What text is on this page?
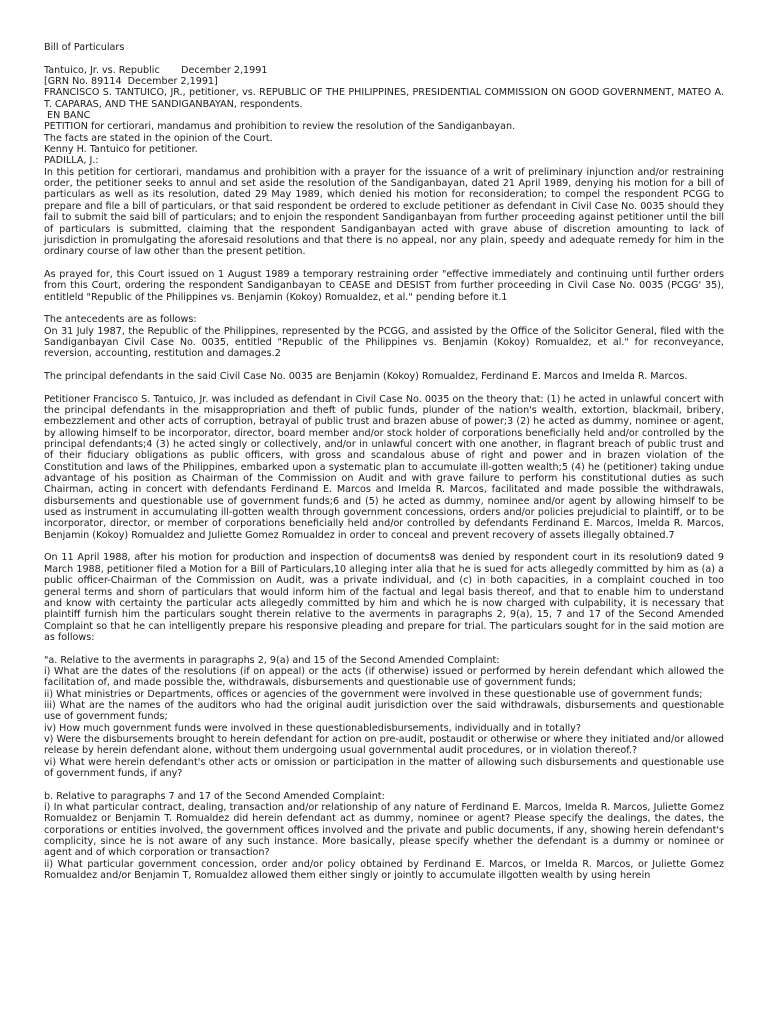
Bill of Particulars
Tantuico, Jr. vs. Republic       December 2,1991
[GRN No. 89114  December 2,1991]

FRANCISCO S. TANTUICO, JR., petitioner, vs. REPUBLIC OF THE PHILIPPINES, PRESIDENTIAL COMMISSION ON GOOD GOVERNMENT, MATEO A. T. CAPARAS, AND THE SANDIGANBAYAN, respondents.

EN BANC
PETITION for certiorari, mandamus and prohibition to review the resolution of the Sandiganbayan.
The facts are stated in the opinion of the Court.
Kenny H. Tantuico for petitioner.
PADILLA, J.:

In this petition for certiorari, mandamus and prohibition with a prayer for the issuance of a writ of preliminary injunction and/or restraining order, the petitioner seeks to annul and set aside the resolution of the Sandiganbayan, dated 21 April 1989, denying his motion for a bill of particulars as well as its resolution, dated 29 May 1989, which denied his motion for reconsideration; to compel the respondent PCGG to prepare and file a bill of particulars, or that said respondent be ordered to exclude petitioner as defendant in Civil Case No. 0035 should they fail to submit the said bill of particulars; and to enjoin the respondent Sandiganbayan from further proceeding against petitioner until the bill of particulars is submitted, claiming that the respondent Sandiganbayan acted with grave abuse of discretion amounting to lack of jurisdiction in promulgating the aforesaid resolutions and that there is no appeal, nor any plain, speedy and adequate remedy for him in the ordinary course of law other than the present petition.

As prayed for, this Court issued on 1 August 1989 a temporary restraining order "effective immediately and continuing until further orders from this Court, ordering the respondent Sandiganbayan to CEASE and DESIST from further proceeding in Civil Case No. 0035 (PCGG' 35), entitleld "Republic of the Philippines vs. Benjamin (Kokoy) Romualdez, et al." pending before it.1

The antecedents are as follows:

On 31 July 1987, the Republic of the Philippines, represented by the PCGG, and assisted by the Office of the Solicitor General, filed with the Sandiganbayan Civil Case No. 0035, entitled "Republic of the Philippines vs. Benjamin (Kokoy) Romualdez, et al." for reconveyance, reversion, accounting, restitution and damages.2

The principal defendants in the said Civil Case No. 0035 are Benjamin (Kokoy) Romualdez, Ferdinand E. Marcos and Imelda R. Marcos.

Petitioner Francisco S. Tantuico, Jr. was included as defendant in Civil Case No. 0035 on the theory that: (1) he acted in unlawful concert with the principal defendants in the misappropriation and theft of public funds, plunder of the nation's wealth, extortion, blackmail, bribery, embezzlement and other acts of corruption, betrayal of public trust and brazen abuse of power;3 (2) he acted as dummy, nominee or agent, by allowing himself to be incorporator, director, board member and/or stock holder of corporations beneficially held and/or controlled by the principal defendants;4 (3) he acted singly or collectively, and/or in unlawful concert with one another, in flagrant breach of public trust and of their fiduciary obligations as public officers, with gross and scandalous abuse of right and power and in brazen violation of the Constitution and laws of the Philippines, embarked upon a systematic plan to accumulate ill-gotten wealth;5 (4) he (petitioner) taking undue advantage of his position as Chairman of the Commission on Audit and with grave failure to perform his constitutional duties as such Chairman, acting in concert with defendants Ferdinand E. Marcos and Imelda R. Marcos, facilitated and made possible the withdrawals, disbursements and questionable use of government funds;6 and (5) he acted as dummy, nominee and/or agent by allowing himself to be used as instrument in accumulating ill-gotten wealth through government concessions, orders and/or policies prejudicial to plaintiff, or to be incorporator, director, or member of corporations beneficially held and/or controlled by defendants Ferdinand E. Marcos, Imelda R. Marcos, Benjamin (Kokoy) Romualdez and Juliette Gomez Romualdez in order to conceal and prevent recovery of assets illegally obtained.7

On 11 April 1988, after his motion for production and inspection of documents8 was denied by respondent court in its resolution9 dated 9 March 1988, petitioner filed a Motion for a Bill of Particulars,10 alleging inter alia that he is sued for acts allegedly committed by him as (a) a public officer-Chairman of the Commission on Audit, was a private individual, and (c) in both capacities, in a complaint couched in too general terms and shorn of particulars that would inform him of the factual and legal basis thereof, and that to enable him to understand and know with certainty the particular acts allegedly committed by him and which he is now charged with culpability, it is necessary that plaintiff furnish him the particulars sought therein relative to the averments in paragraphs 2, 9(a), 15, 7 and 17 of the Second Amended Complaint so that he can intelligently prepare his responsive pleading and prepare for trial. The particulars sought for in the said motion are as follows:

"a. Relative to the averments in paragraphs 2, 9(a) and 15 of the Second Amended Complaint:

i) What are the dates of the resolutions (if on appeal) or the acts (if otherwise) issued or performed by herein defendant which allowed the facilitation of, and made possible the, withdrawals, disbursements and questionable use of government funds;

ii) What ministries or Departments, offices or agencies of the government were involved in these questionable use of government funds;

iii) What are the names of the auditors who had the original audit jurisdiction over the said withdrawals, disbursements and questionable use of government funds;

iv) How much government funds were involved in these questionabledisbursements, individually and in totally?

v) Were the disbursements brought to herein defendant for action on pre-audit, postaudit or otherwise or where they initiated and/or allowed release by herein defendant alone, without them undergoing usual governmental audit procedures, or in violation thereof.?

vi) What were herein defendant's other acts or omission or participation in the matter of allowing such disbursements and questionable use of government funds, if any?

b. Relative to paragraphs 7 and 17 of the Second Amended Complaint:

i) In what particular contract, dealing, transaction and/or relationship of any nature of Ferdinand E. Marcos, Imelda R. Marcos, Juliette Gomez Romualdez or Benjamin T. Romualdez did herein defendant act as dummy, nominee or agent? Please specify the dealings, the dates, the corporations or entities involved, the government offices involved and the private and public documents, if any, showing herein defendant's complicity, since he is not aware of any such instance. More basically, please specify whether the defendant is a dummy or nominee or agent and of which corporation or transaction?

ii) What particular government concession, order and/or policy obtained by Ferdinand E. Marcos, or Imelda R. Marcos, or Juliette Gomez Romualdez and/or Benjamin T, Romualdez allowed them either singly or jointly to accumulate illgotten wealth by using herein
